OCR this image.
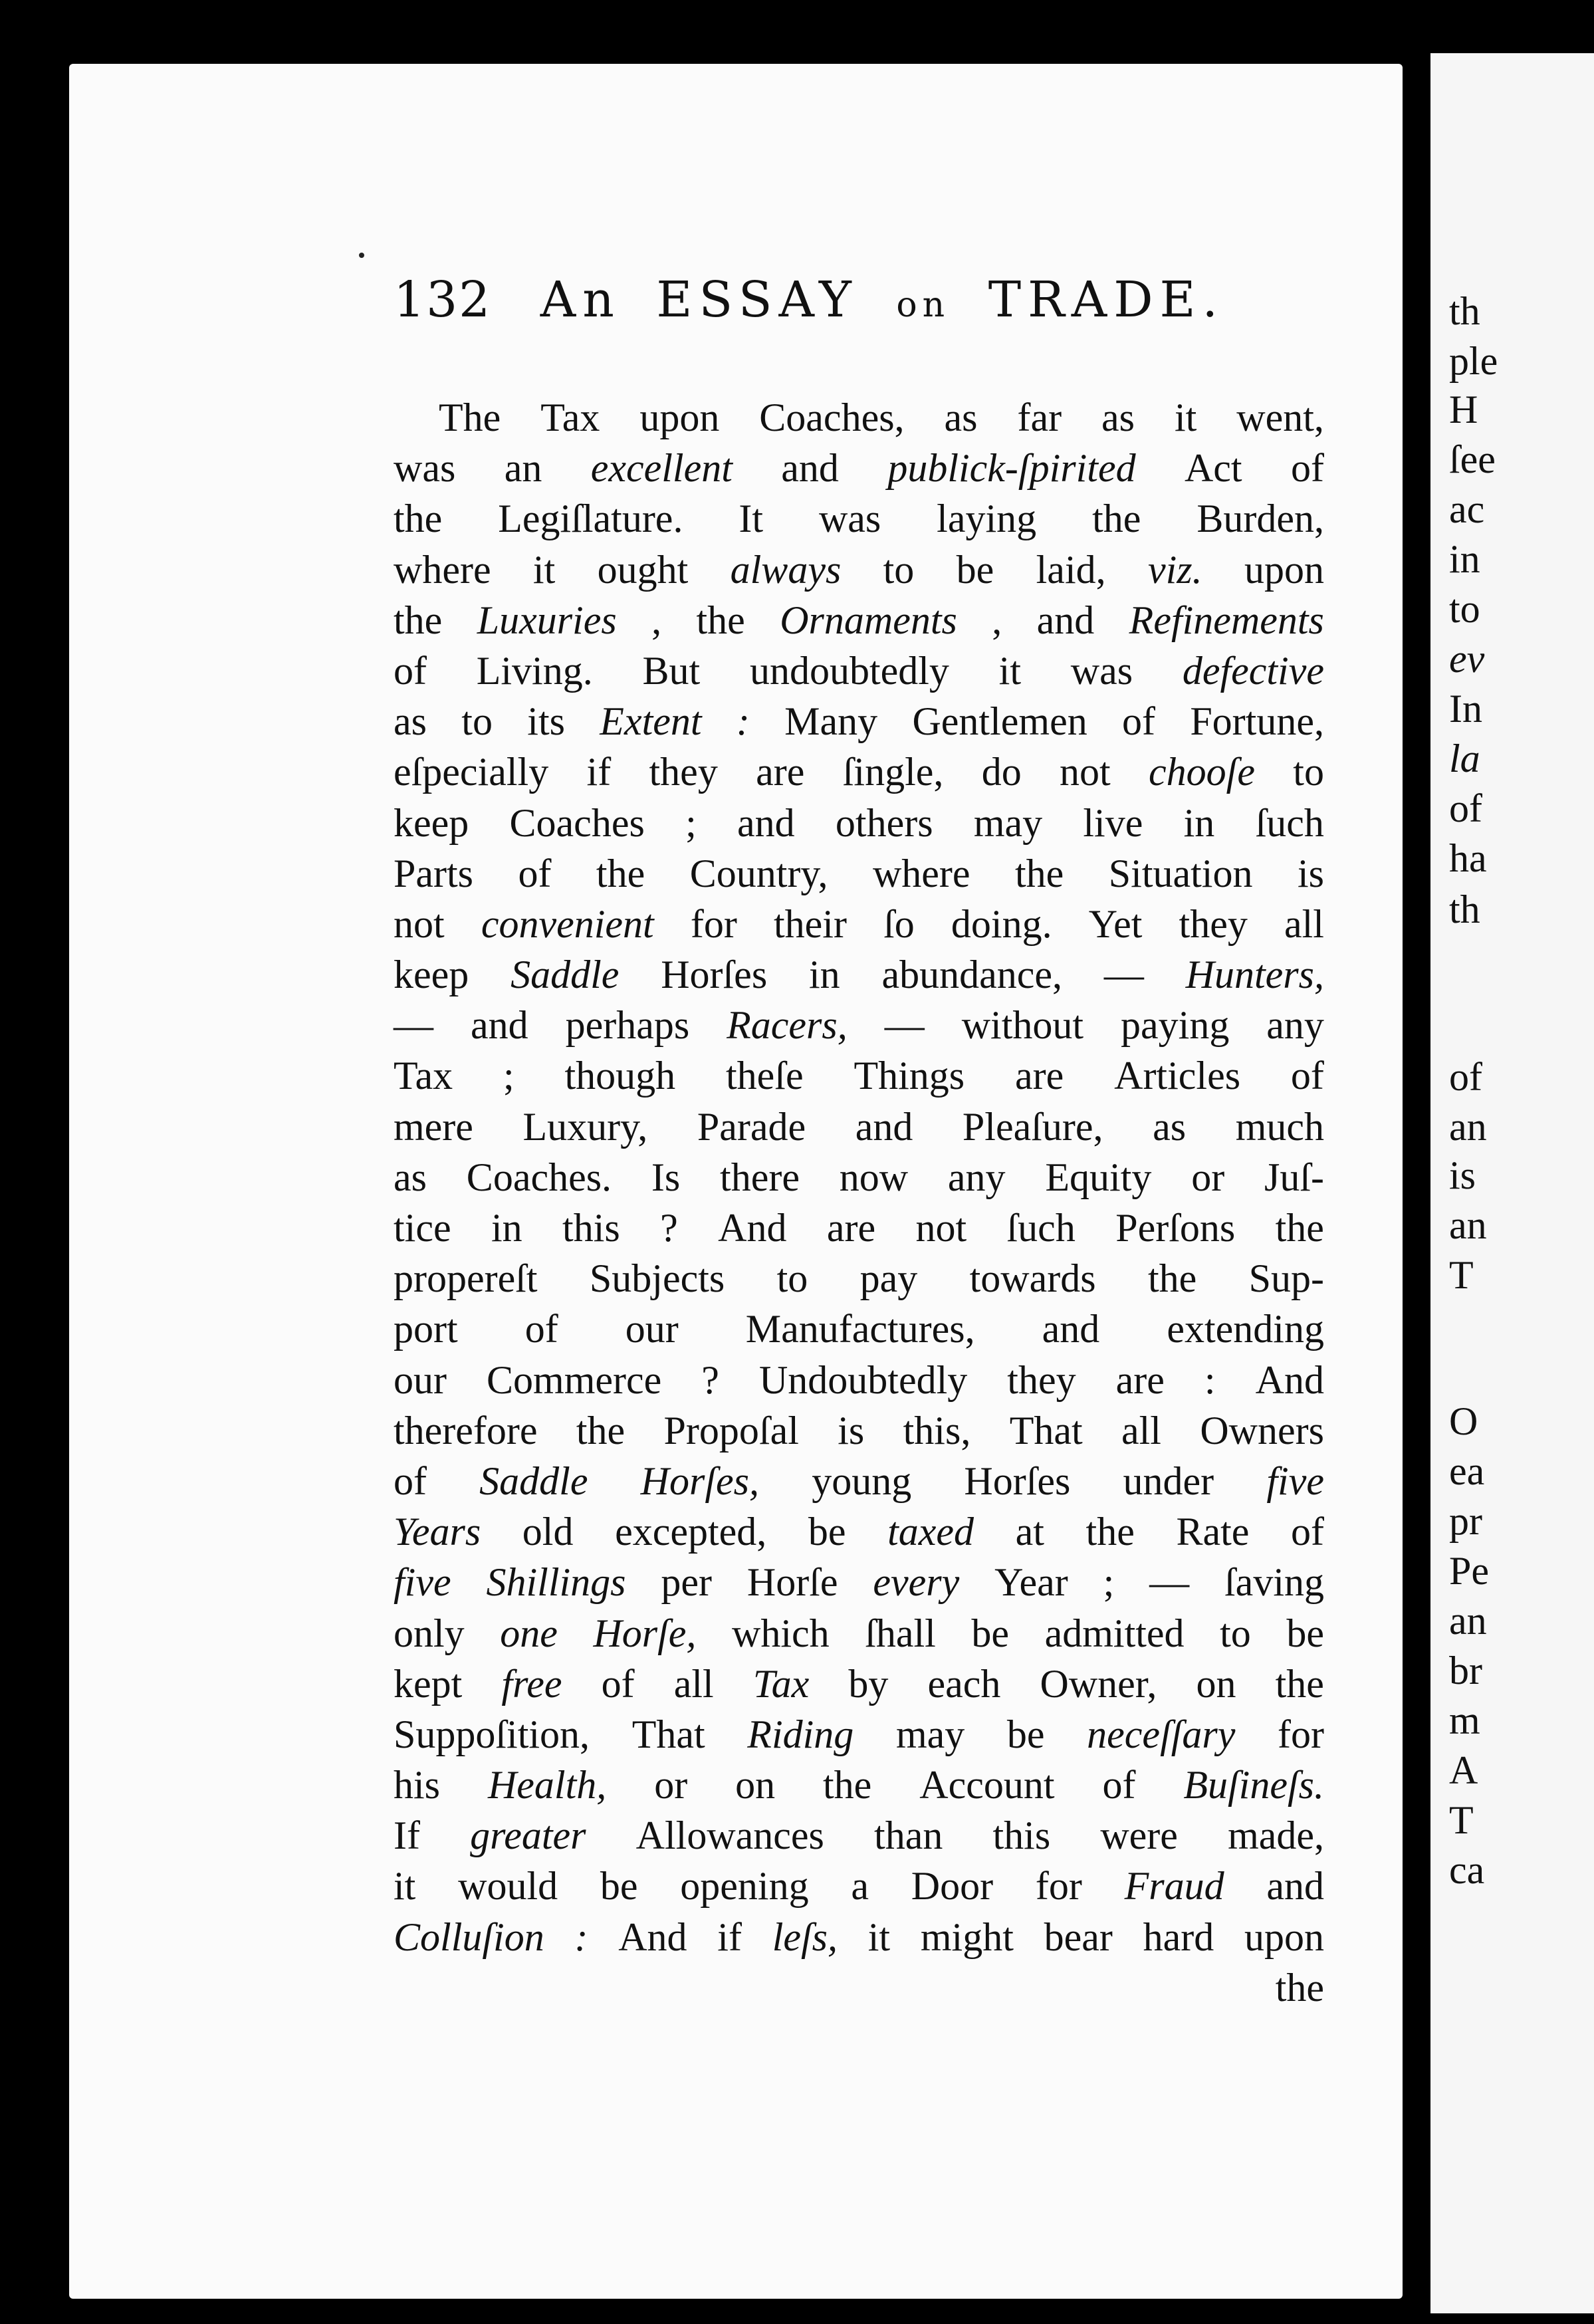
132 An ESSAY on TRADE.
The Tax upon Coaches, as far as it went,
was an excellent and publick-ſpirited Act of
the Legiſlature. It was laying the Burden,
where it ought always to be laid, viz. upon
the Luxuries , the Ornaments , and Refinements
of Living. But undoubtedly it was defective
as to its Extent : Many Gentlemen of Fortune,
eſpecially if they are ſingle, do not chooſe to
keep Coaches ; and others may live in ſuch
Parts of the Country, where the Situation is
not convenient for their ſo doing. Yet they all
keep Saddle Horſes in abundance, — Hunters,
— and perhaps Racers, — without paying any
Tax ; though theſe Things are Articles of
mere Luxury, Parade and Pleaſure, as much
as Coaches. Is there now any Equity or Juſ-
tice in this ? And are not ſuch Perſons the
propereſt Subjects to pay towards the Sup-
port of our Manufactures, and extending
our Commerce ? Undoubtedly they are : And
therefore the Propoſal is this, That all Owners
of Saddle Horſes, young Horſes under five
Years old excepted, be taxed at the Rate of
five Shillings per Horſe every Year ; — ſaving
only one Horſe, which ſhall be admitted to be
kept free of all Tax by each Owner, on the
Suppoſition, That Riding may be neceſſary for
his Health, or on the Account of Buſineſs.
If greater Allowances than this were made,
it would be opening a Door for Fraud and
Colluſion : And if leſs, it might bear hard upon
the
th
ple
H
ſee
ac
in
to
ev
In
la
of
ha
th
of
an
is
an
T
O
ea
pr
Pe
an
br
m
A
T
ca
